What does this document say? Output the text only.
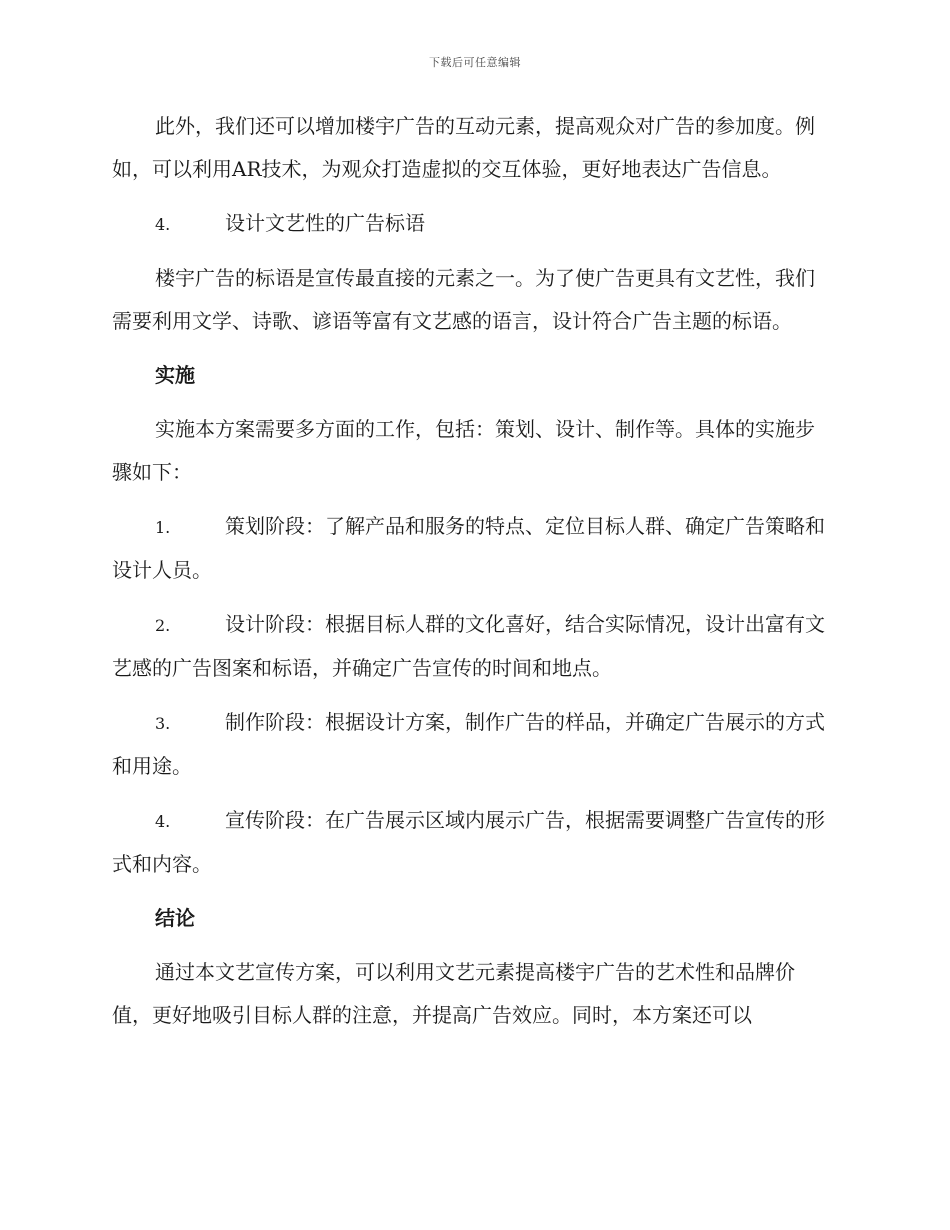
下载后可任意编辑

此外，我们还可以增加楼宇广告的互动元素，提高观众对广告的参加度。例如，可以利用AR技术，为观众打造虚拟的交互体验，更好地表达广告信息。

4.	设计文艺性的广告标语

楼宇广告的标语是宣传最直接的元素之一。为了使广告更具有文艺性，我们需要利用文学、诗歌、谚语等富有文艺感的语言，设计符合广告主题的标语。

实施

实施本方案需要多方面的工作，包括：策划、设计、制作等。具体的实施步骤如下：

1.	策划阶段：了解产品和服务的特点、定位目标人群、确定广告策略和设计人员。

2.	设计阶段：根据目标人群的文化喜好，结合实际情况，设计出富有文艺感的广告图案和标语，并确定广告宣传的时间和地点。

3.	制作阶段：根据设计方案，制作广告的样品，并确定广告展示的方式和用途。

4.	宣传阶段：在广告展示区域内展示广告，根据需要调整广告宣传的形式和内容。

结论

通过本文艺宣传方案，可以利用文艺元素提高楼宇广告的艺术性和品牌价值，更好地吸引目标人群的注意，并提高广告效应。同时，本方案还可以
